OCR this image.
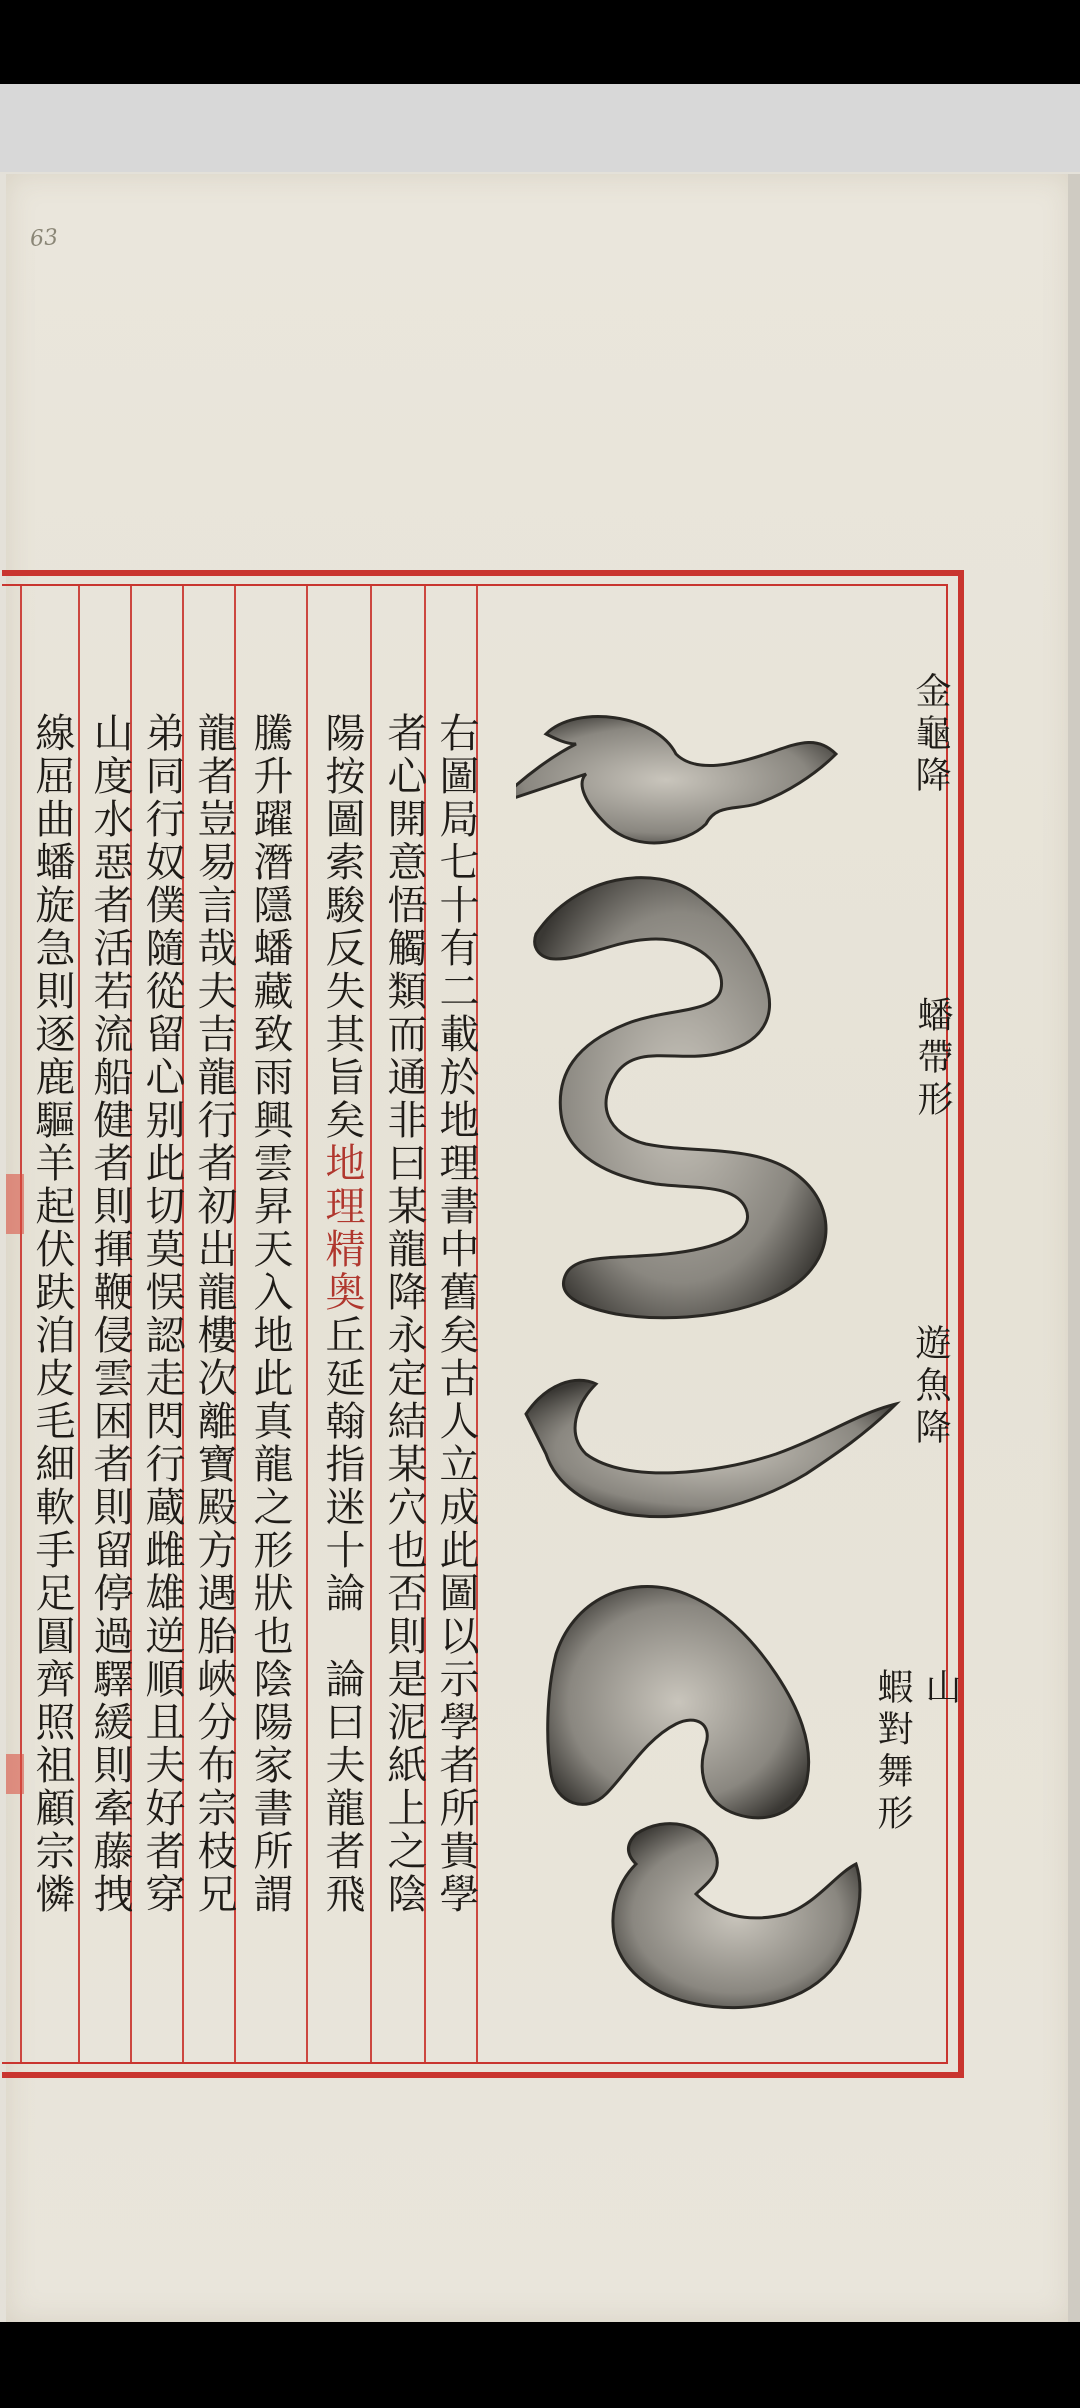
63
右圖局七十有二載於地理書中舊矣古人立成此圖以示學者所貴學
者心開意悟觸類而通非曰某龍降永定結某穴也否則是泥紙上之陰
陽按圖索駿反失其旨矣地理精奥丘延翰指迷十論　論曰夫龍者飛
騰升躍潛隱蟠藏致雨興雲昇天入地此真龍之形狀也陰陽家書所謂
龍者豈易言哉夫吉龍行者初出龍樓次離寶殿方遇胎峽分布宗枝兄
弟同行奴僕隨從留心别此切莫悮認走閃行蔵雌雄逆順且夫好者穿
山度水惡者活若流船健者則揮鞭侵雲困者則留停過驛緩則牽藤拽
線屈曲蟠旋急則逐鹿驅羊起伏趺洎皮毛細軟手足圓齊照祖顧宗憐	金龜降
蟠帶形
遊魚降
山
蝦對舞形
